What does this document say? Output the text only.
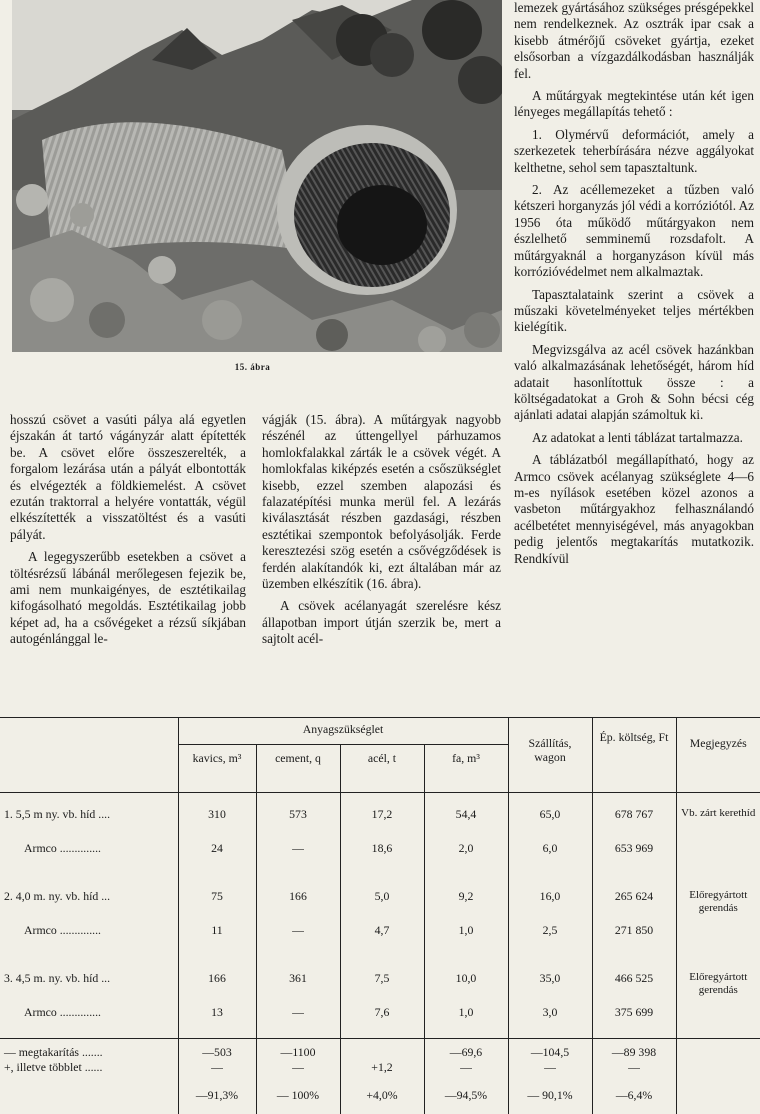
15. ábra

hosszú csövet a vasúti pálya alá egyetlen éjszakán át tartó vágányzár alatt építették be. A csövet előre összeszerelték, a forgalom lezárása után a pályát elbontották és elvégezték a földkiemelést. A csövet ezután traktorral a helyére vontatták, végül elkészítették a visszatöltést és a vasúti pályát.

A legegyszerűbb esetekben a csövet a töltésrézsű lábánál merőlegesen fejezik be, ami nem munkaigényes, de esztétikailag kifogásolható megoldás. Esztétikailag jobb képet ad, ha a csővégeket a rézsű síkjában autogénlánggal le-

vágják (15. ábra). A műtárgyak nagyobb részénél az úttengellyel párhuzamos homlokfalakkal zárták le a csövek végét. A homlokfalas kiképzés esetén a csőszükséglet kisebb, ezzel szemben alapozási és falazatépítési munka merül fel. A lezárás kiválasztását részben gazdasági, részben esztétikai szempontok befolyásolják. Ferde keresztezési szög esetén a csővégződések is ferdén alakítandók ki, ezt általában már az üzemben elkészítik (16. ábra).

A csövek acélanyagát szerelésre kész állapotban import útján szerzik be, mert a sajtolt acél-

lemezek gyártásához szükséges présgépekkel nem rendelkeznek. Az osztrák ipar csak a kisebb átmérőjű csöveket gyártja, ezeket elsősorban a vízgazdálkodásban használják fel.

A műtárgyak megtekintése után két igen lényeges megállapítás tehető :

1. Olymérvű deformációt, amely a szerkezetek teherbírására nézve aggályokat kelthetne, sehol sem tapasztaltunk.

2. Az acéllemezeket a tűzben való kétszeri horganyzás jól védi a korróziótól. Az 1956 óta működő műtárgyakon nem észlelhető semminemű rozsdafolt. A műtárgyaknál a horganyzáson kívül más korrózióvédelmet nem alkalmaztak.

Tapasztalataink szerint a csövek a műszaki követelményeket teljes mértékben kielégítik.

Megvizsgálva az acél csövek hazánkban való alkalmazásának lehetőségét, három híd adatait hasonlítottuk össze : a költségadatokat a Groh & Sohn bécsi cég ajánlati adatai alapján számoltuk ki.

Az adatokat a lenti táblázat tartalmazza.

A táblázatból megállapítható, hogy az Armco csövek acélanyag szükséglete 4—6 m-es nyílások esetében közel azonos a vasbeton műtárgyakhoz felhasználandó acélbetétet mennyiségével, más anyagokban pedig jelentős megtakarítás mutatkozik. Rendkívül

	Anyagszükséglet				Szállítás, wagon	Ép. költség, Ft	Megjegyzés
	kavics, m³	cement, q	acél, t	fa, m³			
1. 5,5 m ny. vb. híd ....	310	573	17,2	54,4	65,0	678 767	Vb. zárt kerethíd
Armco ..............	24	—	18,6	2,0	6,0	653 969	
2. 4,0 m. ny. vb. híd ...	75	166	5,0	9,2	16,0	265 624	Előregyártott gerendás
Armco ..............	11	—	4,7	1,0	2,5	271 850	
3. 4,5 m. ny. vb. híd ...	166	361	7,5	10,0	35,0	466 525	Előregyártott gerendás
Armco ..............	13	—	7,6	1,0	3,0	375 699	
— megtakarítás .......	—503	—1100		—69,6	—104,5	—89 398	
+, illetve többlet ......	—	—	+1,2	—	—	—	
	—91,3%	— 100%	+4,0%	—94,5%	— 90,1%	—6,4%	
